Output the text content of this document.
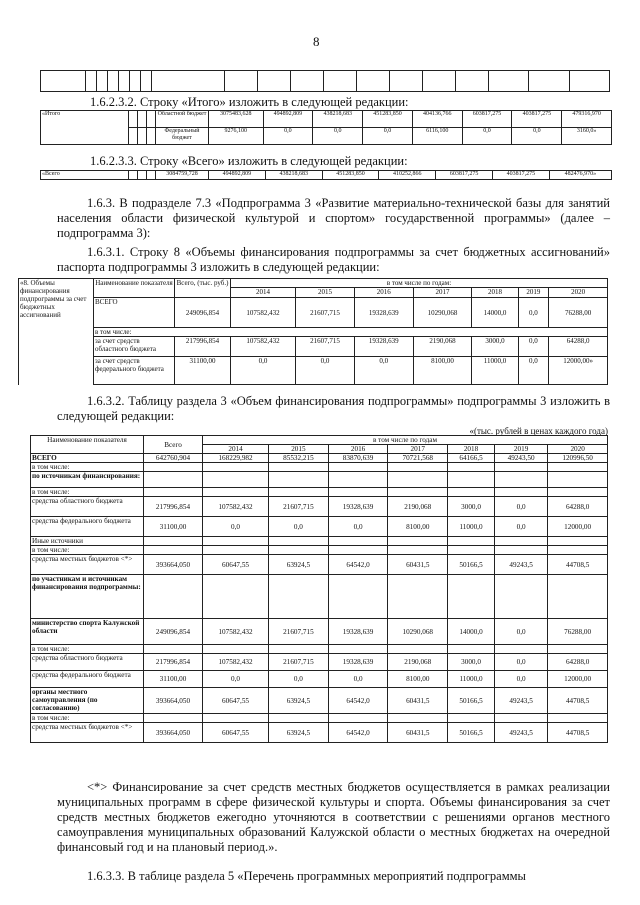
8

1.6.2.3.2. Строку «Итого» изложить в следующей редакции:
«Итого				Областной бюджет	3075483,628	494892,809	438218,683	451283,850	404136,766	603817,275	403817,275	479316,970
				Федеральный бюджет	9276,100	0,0	0,0	0,0	6116,100	0,0	0,0	3160,0»
1.6.2.3.3. Строку «Всего» изложить в следующей редакции:
«Всего				3084759,728	494892,809	438218,683	451283,850	410252,866	603817,275	403817,275	482476,970»
1.6.3. В подразделе 7.3 «Подпрограмма 3 «Развитие материально-технической базы для занятий населения области физической культурой и спортом» государственной программы» (далее – подпрограмма 3):
1.6.3.1. Строку 8 «Объемы финансирования подпрограммы за счет бюджетных ассигнований» паспорта подпрограммы 3 изложить в следующей редакции:
«8. Объемы финансирования подпрограммы за счет бюджетных ассигнований	Наименование показателя	Всего, (тыс. руб.)	в том числе по годам:						
			2014	2015	2016	2017	2018	2019	2020
	ВСЕГО	249096,854	107582,432	21607,715	19328,639	10290,068	14000,0	0,0	76288,00
	в том числе:								
	за счет средств областного бюджета	217996,854	107582,432	21607,715	19328,639	2190,068	3000,0	0,0	64288,0
	за счет средств федерального бюджета	31100,00	0,0	0,0	0,0	8100,00	11000,0	0,0	12000,00»
1.6.3.2. Таблицу раздела 3 «Объем финансирования подпрограммы» подпрограммы 3 изложить в следующей редакции:
«(тыс. рублей в ценах каждого года)
Наименование показателя	Всего	в том числе по годам						
		2014	2015	2016	2017	2018	2019	2020
ВСЕГО	642760,904	168229,982	85532,215	83870,639	70721,568	64166,5	49243,50	120996,50
в том числе:								
по источникам финансирования:								
в том числе:								
средства областного бюджета	217996,854	107582,432	21607,715	19328,639	2190,068	3000,0	0,0	64288,0
средства федерального бюджета	31100,00	0,0	0,0	0,0	8100,00	11000,0	0,0	12000,00
Иные источники								
в том числе:								
средства местных бюджетов <*>	393664,050	60647,55	63924,5	64542,0	60431,5	50166,5	49243,5	44708,5
по участникам и источникам финансирования подпрограммы:								
министерство спорта Калужской области	249096,854	107582,432	21607,715	19328,639	10290,068	14000,0	0,0	76288,00
в том числе:								
средства областного бюджета	217996,854	107582,432	21607,715	19328,639	2190,068	3000,0	0,0	64288,0
средства федерального бюджета	31100,00	0,0	0,0	0,0	8100,00	11000,0	0,0	12000,00
органы местного самоуправления (по согласованию)	393664,050	60647,55	63924,5	64542,0	60431,5	50166,5	49243,5	44708,5
в том числе:								
средства местных бюджетов <*>	393664,050	60647,55	63924,5	64542,0	60431,5	50166,5	49243,5	44708,5
<*> Финансирование за счет средств местных бюджетов осуществляется в рамках реализации муниципальных программ в сфере физической культуры и спорта. Объемы финансирования за счет средств местных бюджетов ежегодно уточняются в соответствии с решениями органов местного самоуправления муниципальных образований Калужской области о местных бюджетах на очередной финансовый год и на плановый период.».
1.6.3.3. В таблице раздела 5 «Перечень программных мероприятий подпрограммы
